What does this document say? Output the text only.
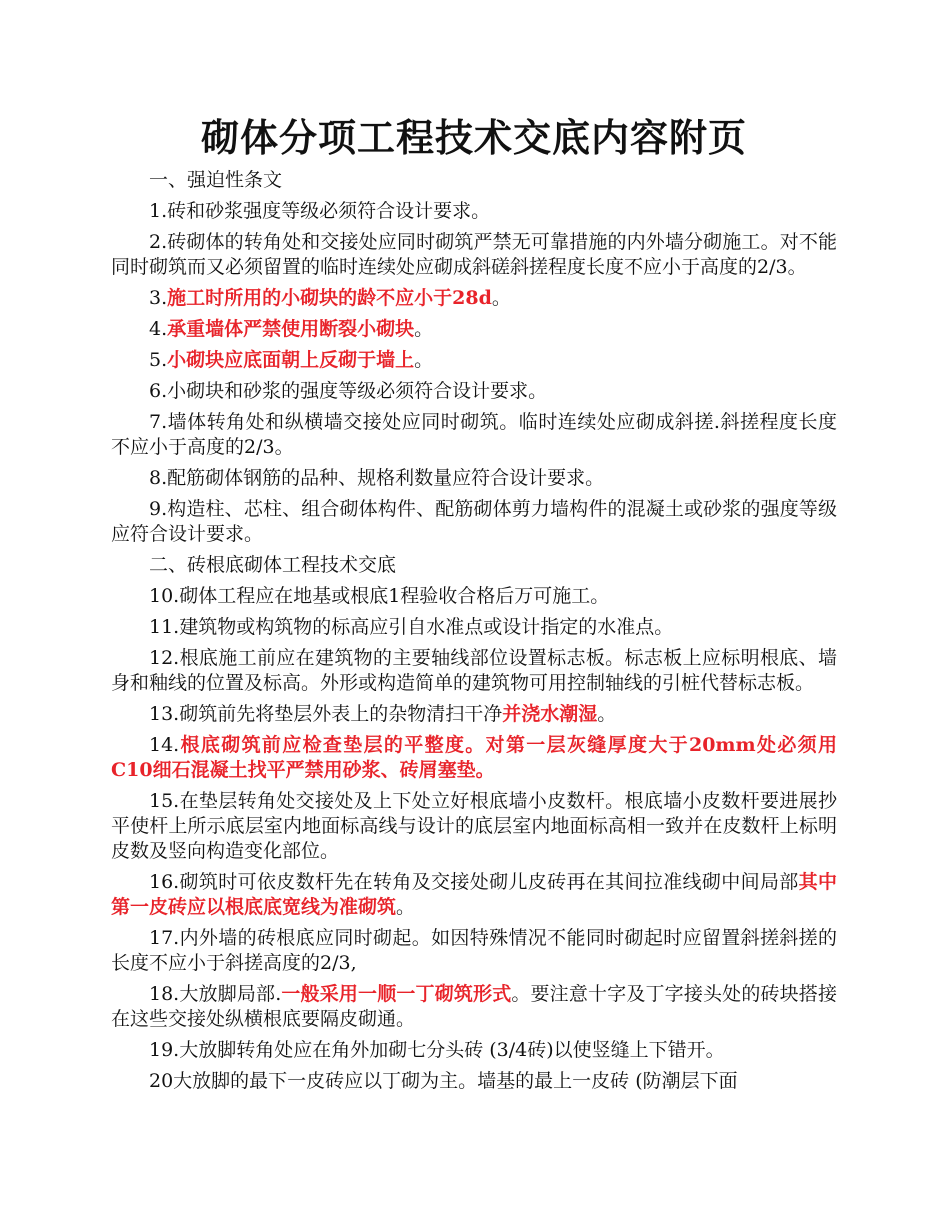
砌体分项工程技术交底内容附页
一、强迫性条文
1.砖和砂浆强度等级必须符合设计要求。
2.砖砌体的转角处和交接处应同时砌筑严禁无可靠措施的内外墙分砌施工。对不能同时砌筑而又必须留置的临时连续处应砌成斜磋斜搓程度长度不应小于高度的2/3。
3.施工时所用的小砌块的龄不应小于28d。
4.承重墙体严禁使用断裂小砌块。
5.小砌块应底面朝上反砌于墙上。
6.小砌块和砂浆的强度等级必须符合设计要求。
7.墙体转角处和纵横墙交接处应同时砌筑。临时连续处应砌成斜搓.斜搓程度长度不应小于高度的2/3。
8.配筋砌体钢筋的品种、规格利数量应符合设计要求。
9.构造柱、芯柱、组合砌体构件、配筋砌体剪力墙构件的混凝土或砂浆的强度等级应符合设计要求。
二、砖根底砌体工程技术交底
10.砌体工程应在地基或根底1程验收合格后万可施工。
11.建筑物或构筑物的标高应引自水准点或设计指定的水准点。
12.根底施工前应在建筑物的主要轴线部位设置标志板。标志板上应标明根底、墙身和釉线的位置及标高。外形或构造简单的建筑物可用控制轴线的引桩代替标志板。
13.砌筑前先将垫层外表上的杂物清扫干净并浇水潮湿。
14.根底砌筑前应检查垫层的平整度。对第一层灰缝厚度大于20mm处必须用C10细石混凝土找平严禁用砂浆、砖屑塞垫。
15.在垫层转角处交接处及上下处立好根底墙小皮数杆。根底墙小皮数杆要进展抄平使杆上所示底层室内地面标高线与设计的底层室内地面标高相一致并在皮数杆上标明皮数及竖向构造变化部位。
16.砌筑时可依皮数杆先在转角及交接处砌儿皮砖再在其间拉准线砌中间局部其中第一皮砖应以根底底宽线为准砌筑。
17.内外墙的砖根底应同时砌起。如因特殊情况不能同时砌起时应留置斜搓斜搓的长度不应小于斜搓高度的2/3,
18.大放脚局部.一般采用一顺一丁砌筑形式。要注意十字及丁字接头处的砖块搭接在这些交接处纵横根底要隔皮砌通。
19.大放脚转角处应在角外加砌七分头砖 (3/4砖)以使竖缝上下错开。
20大放脚的最下一皮砖应以丁砌为主。墙基的最上一皮砖 (防潮层下面
